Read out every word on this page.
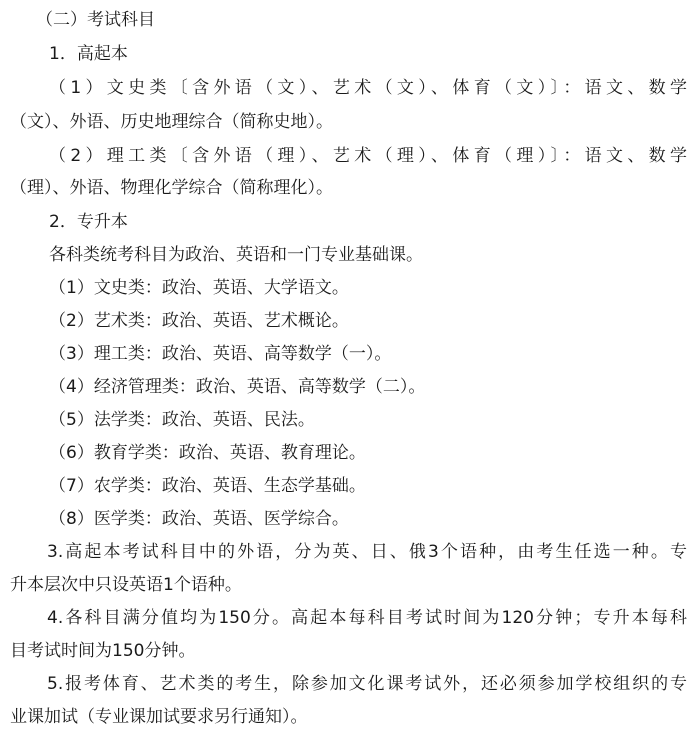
（二）考试科目
1．高起本
（1）文史类〔含外语（文）、艺术（文）、体育（文）〕：语文、数学
（文）、外语、历史地理综合（简称史地）。
（2）理工类〔含外语（理）、艺术（理）、体育（理）〕：语文、数学
（理）、外语、物理化学综合（简称理化）。
2．专升本
各科类统考科目为政治、英语和一门专业基础课。
（1）文史类：政治、英语、大学语文。
（2）艺术类：政治、英语、艺术概论。
（3）理工类：政治、英语、高等数学（一）。
（4）经济管理类：政治、英语、高等数学（二）。
（5）法学类：政治、英语、民法。
（6）教育学类：政治、英语、教育理论。
（7）农学类：政治、英语、生态学基础。
（8）医学类：政治、英语、医学综合。
3.高起本考试科目中的外语，分为英、日、俄3个语种，由考生任选一种。专
升本层次中只设英语1个语种。
4.各科目满分值均为150分。高起本每科目考试时间为120分钟；专升本每科
目考试时间为150分钟。
5.报考体育、艺术类的考生，除参加文化课考试外，还必须参加学校组织的专
业课加试（专业课加试要求另行通知）。
